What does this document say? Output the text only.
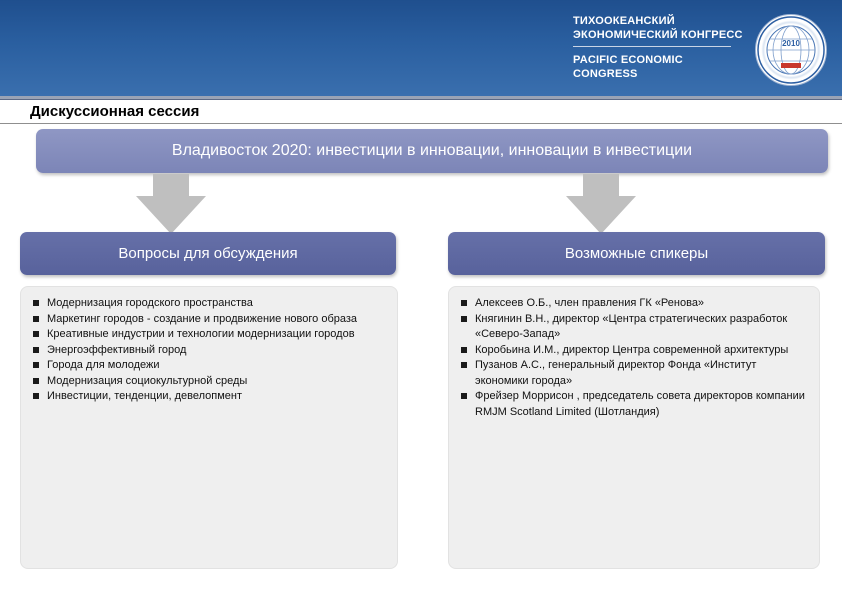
ТИХООКЕАНСКИЙ
ЭКОНОМИЧЕСКИЙ КОНГРЕСС
PACIFIC ECONOMIC
CONGRESS
2010
Дискуссионная сессия
Владивосток 2020: инвестиции в инновации, инновации в инвестиции
Вопросы для обсуждения	Возможные спикеры
Модернизация городского пространства
Маркетинг городов - создание и продвижение нового образа
Креативные индустрии и технологии модернизации городов
Энергоэффективный город
Города для молодежи
Модернизация социокультурной среды
Инвестиции, тенденции, девелопмент
Алексеев О.Б., член правления ГК «Ренова»
Княгинин В.Н., директор «Центра стратегических разработок «Северо-Запад»
Коробьина И.М., директор Центра современной архитектуры
Пузанов А.С., генеральный директор Фонда «Институт экономики города»
Фрейзер Моррисон , председатель совета директоров компании RMJM Scotland Limited (Шотландия)
